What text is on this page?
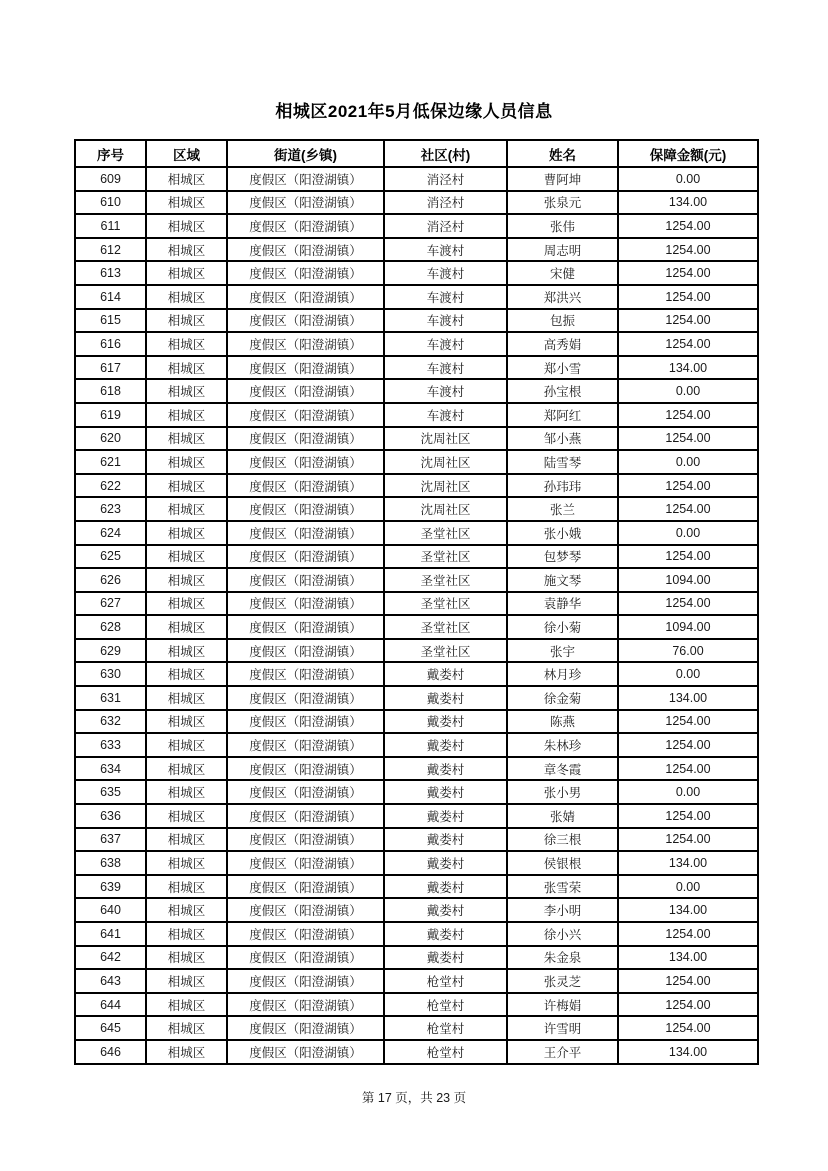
相城区2021年5月低保边缘人员信息
序号	区域	街道(乡镇)	社区(村)	姓名	保障金额(元)
609	相城区	度假区（阳澄湖镇）	消泾村	曹阿坤	0.00
610	相城区	度假区（阳澄湖镇）	消泾村	张泉元	134.00
611	相城区	度假区（阳澄湖镇）	消泾村	张伟	1254.00
612	相城区	度假区（阳澄湖镇）	车渡村	周志明	1254.00
613	相城区	度假区（阳澄湖镇）	车渡村	宋健	1254.00
614	相城区	度假区（阳澄湖镇）	车渡村	郑洪兴	1254.00
615	相城区	度假区（阳澄湖镇）	车渡村	包振	1254.00
616	相城区	度假区（阳澄湖镇）	车渡村	高秀娟	1254.00
617	相城区	度假区（阳澄湖镇）	车渡村	郑小雪	134.00
618	相城区	度假区（阳澄湖镇）	车渡村	孙宝根	0.00
619	相城区	度假区（阳澄湖镇）	车渡村	郑阿红	1254.00
620	相城区	度假区（阳澄湖镇）	沈周社区	邹小燕	1254.00
621	相城区	度假区（阳澄湖镇）	沈周社区	陆雪琴	0.00
622	相城区	度假区（阳澄湖镇）	沈周社区	孙玮玮	1254.00
623	相城区	度假区（阳澄湖镇）	沈周社区	张兰	1254.00
624	相城区	度假区（阳澄湖镇）	圣堂社区	张小娥	0.00
625	相城区	度假区（阳澄湖镇）	圣堂社区	包梦琴	1254.00
626	相城区	度假区（阳澄湖镇）	圣堂社区	施文琴	1094.00
627	相城区	度假区（阳澄湖镇）	圣堂社区	袁静华	1254.00
628	相城区	度假区（阳澄湖镇）	圣堂社区	徐小菊	1094.00
629	相城区	度假区（阳澄湖镇）	圣堂社区	张宇	76.00
630	相城区	度假区（阳澄湖镇）	戴娄村	林月珍	0.00
631	相城区	度假区（阳澄湖镇）	戴娄村	徐金菊	134.00
632	相城区	度假区（阳澄湖镇）	戴娄村	陈燕	1254.00
633	相城区	度假区（阳澄湖镇）	戴娄村	朱林珍	1254.00
634	相城区	度假区（阳澄湖镇）	戴娄村	章冬霞	1254.00
635	相城区	度假区（阳澄湖镇）	戴娄村	张小男	0.00
636	相城区	度假区（阳澄湖镇）	戴娄村	张婧	1254.00
637	相城区	度假区（阳澄湖镇）	戴娄村	徐三根	1254.00
638	相城区	度假区（阳澄湖镇）	戴娄村	侯银根	134.00
639	相城区	度假区（阳澄湖镇）	戴娄村	张雪荣	0.00
640	相城区	度假区（阳澄湖镇）	戴娄村	李小明	134.00
641	相城区	度假区（阳澄湖镇）	戴娄村	徐小兴	1254.00
642	相城区	度假区（阳澄湖镇）	戴娄村	朱金泉	134.00
643	相城区	度假区（阳澄湖镇）	枪堂村	张灵芝	1254.00
644	相城区	度假区（阳澄湖镇）	枪堂村	许梅娟	1254.00
645	相城区	度假区（阳澄湖镇）	枪堂村	许雪明	1254.00
646	相城区	度假区（阳澄湖镇）	枪堂村	王介平	134.00
第 17 页，共 23 页
